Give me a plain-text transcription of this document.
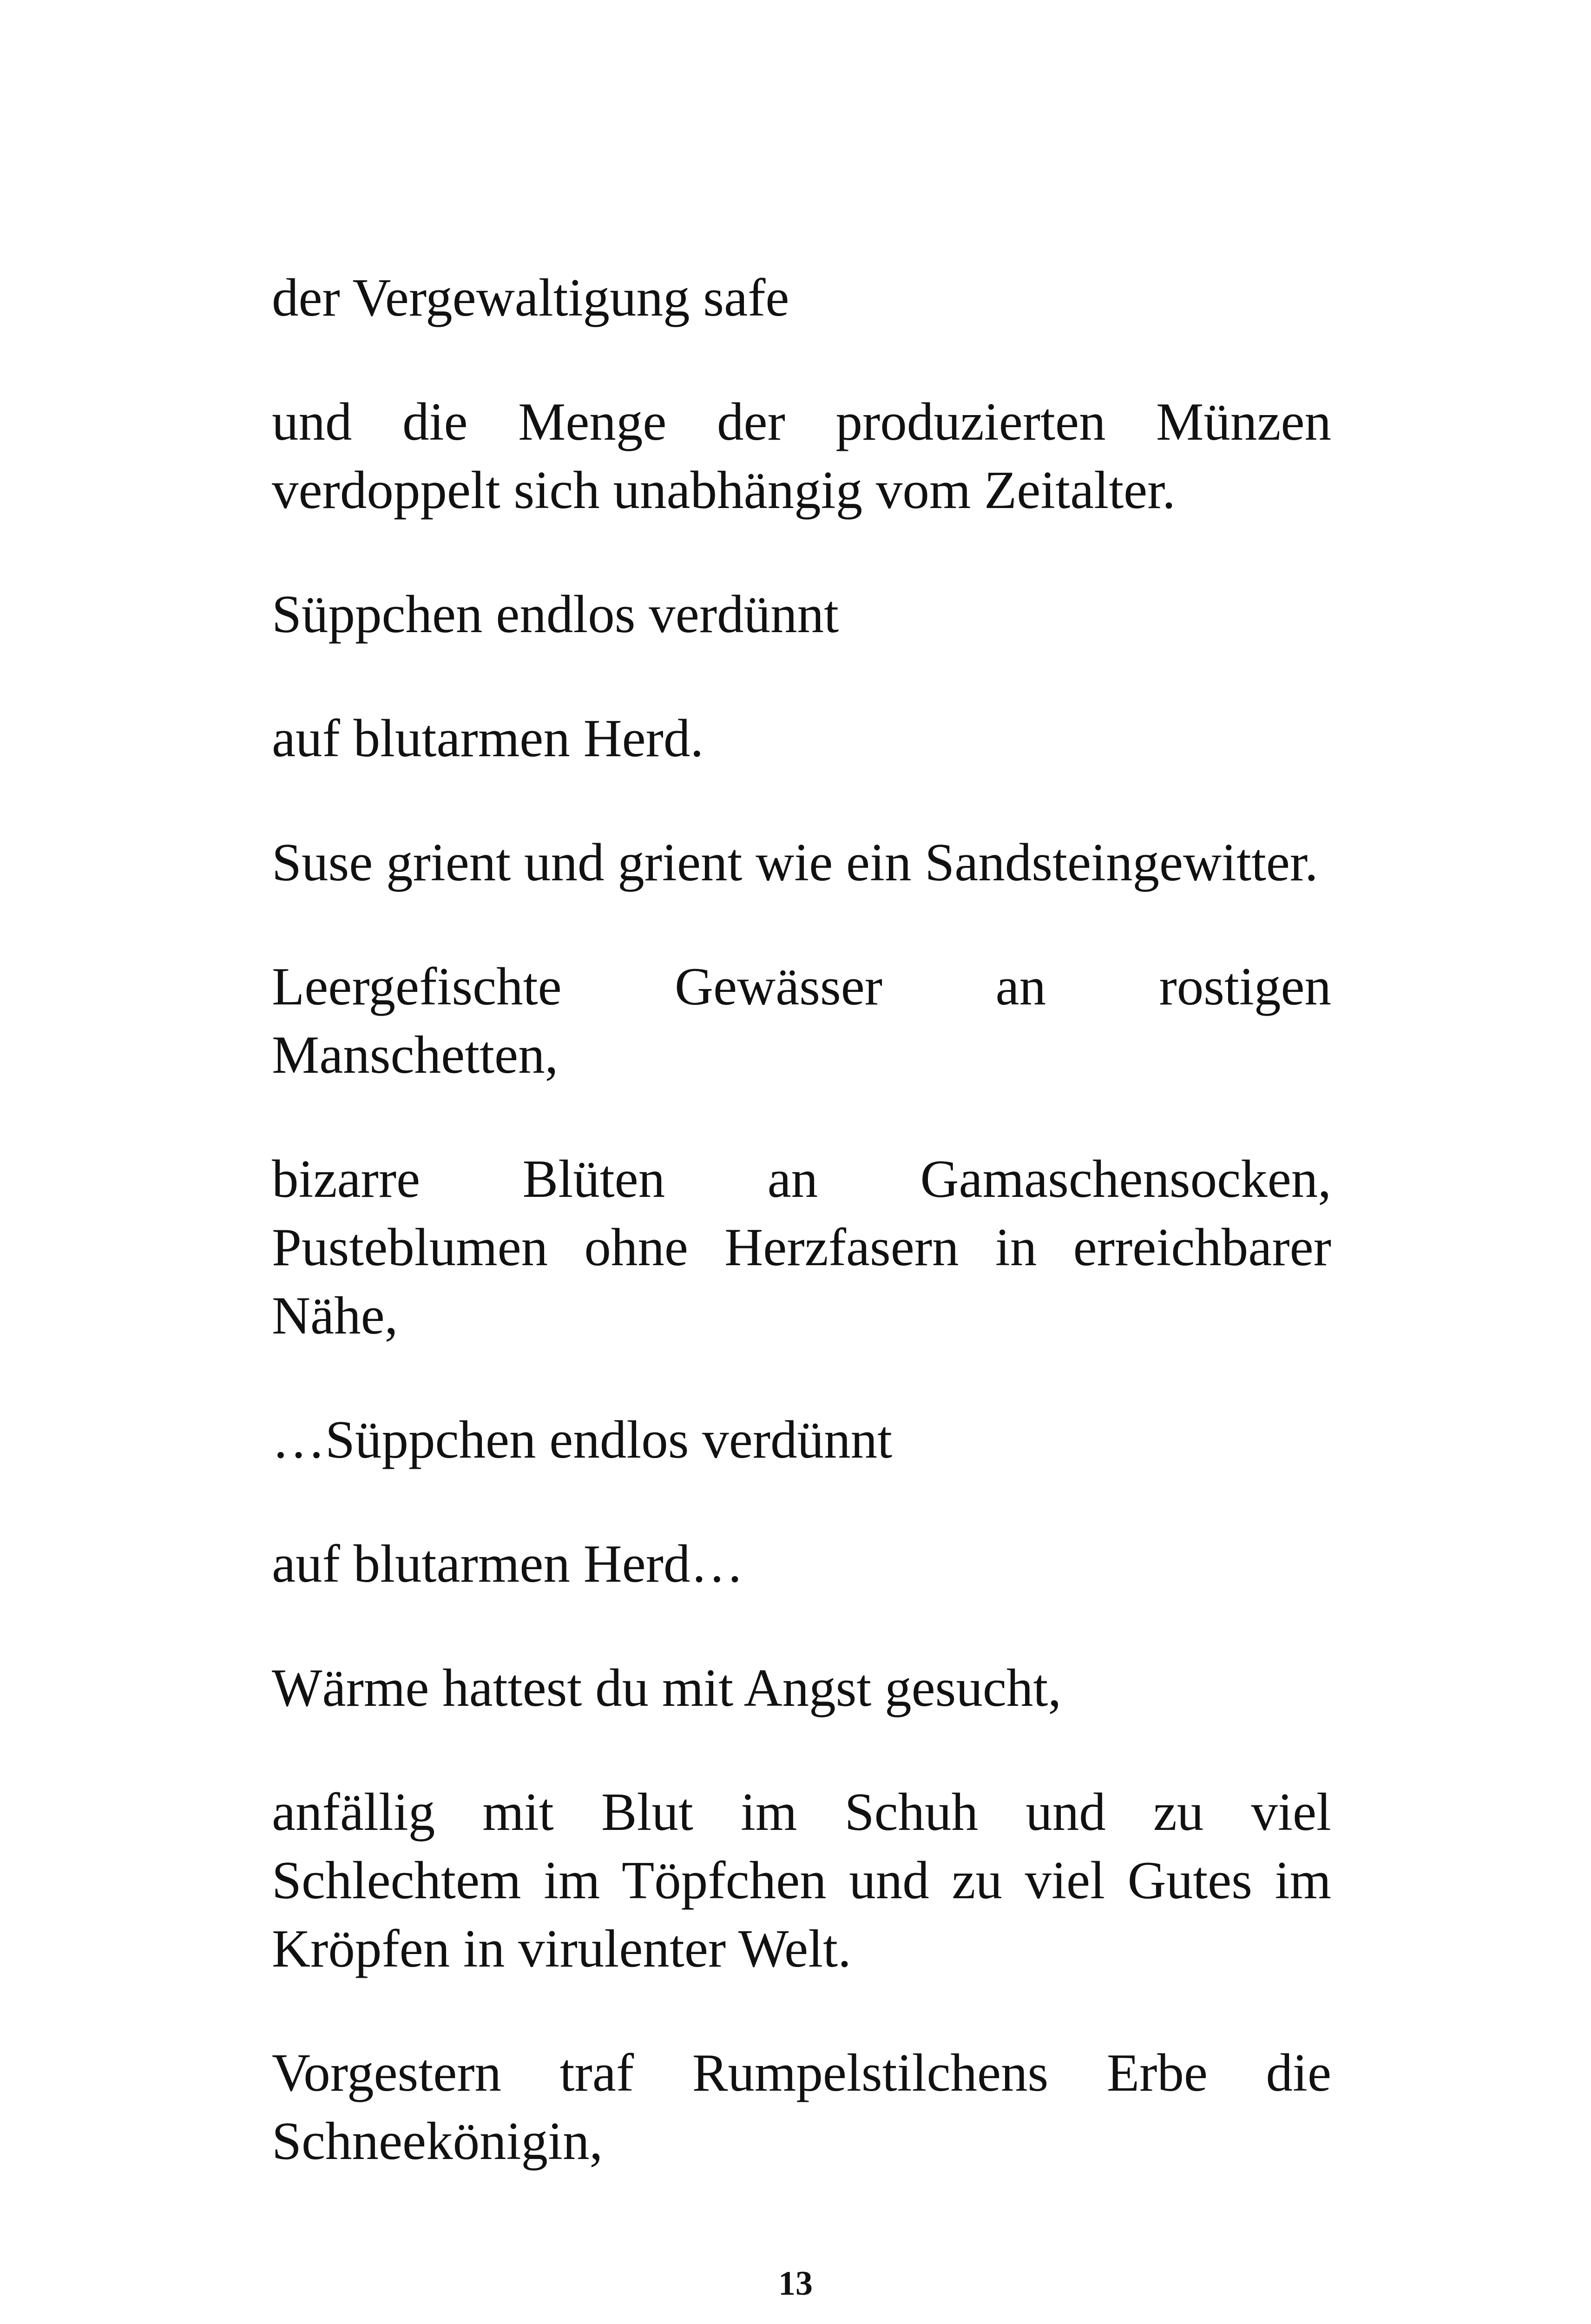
der Vergewaltigung safe

und die Menge der produzierten Münzen verdoppelt sich unabhängig vom Zeitalter.

Süppchen endlos verdünnt

auf blutarmen Herd.

Suse grient und grient wie ein Sandsteingewitter.

Leergefischte Gewässer an rostigen Manschetten,

bizarre Blüten an Gamaschensocken, Pusteblumen ohne Herzfasern in erreichbarer Nähe,

…Süppchen endlos verdünnt

auf blutarmen Herd…

Wärme hattest du mit Angst gesucht,

anfällig mit Blut im Schuh und zu viel Schlechtem im Töpfchen und zu viel Gutes im Kröpfen in virulenter Welt.

Vorgestern traf Rumpelstilchens Erbe die Schneekönigin,

13
